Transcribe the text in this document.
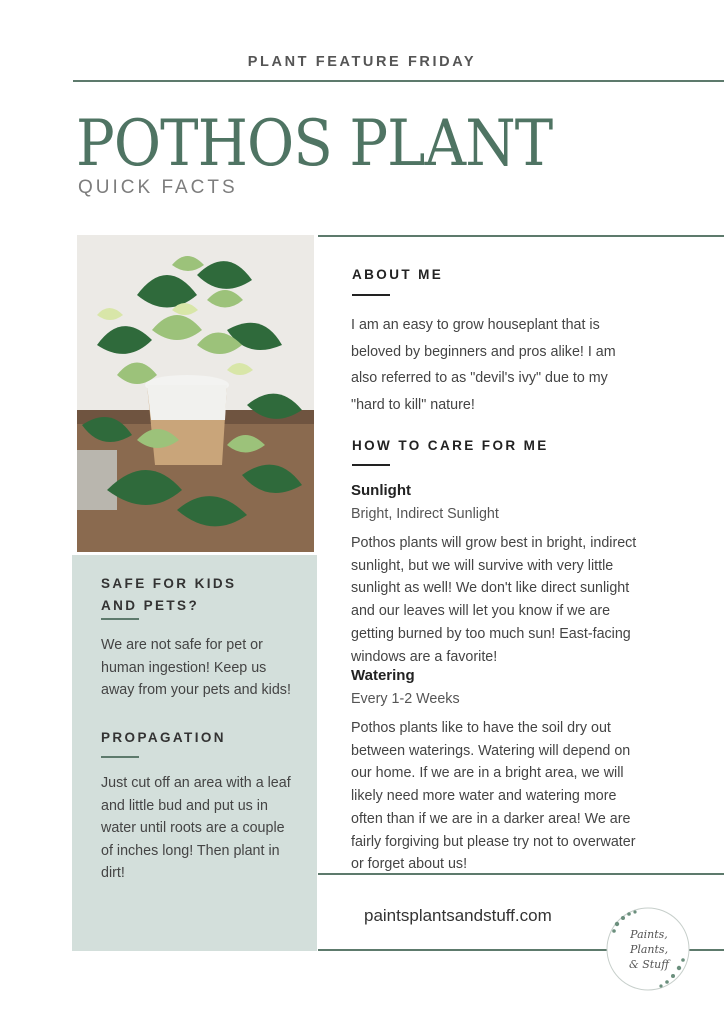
PLANT FEATURE FRIDAY
POTHOS PLANT
QUICK FACTS
SAFE FOR KIDS
AND PETS?
We are not safe for pet or human ingestion! Keep us away from your pets and kids!
PROPAGATION
Just cut off an area with a leaf and little bud and put us in water until roots are a couple of inches long! Then plant in dirt!
ABOUT ME
I am an easy to grow houseplant that is beloved by beginners and pros alike! I am also referred to as "devil's ivy" due to my "hard to kill" nature!
HOW TO CARE FOR ME
Sunlight
Bright, Indirect Sunlight
Pothos plants will grow best in bright, indirect sunlight, but we will survive with very little sunlight as well! We don't like direct sunlight and our leaves will let you know if we are getting burned by too much sun! East-facing windows are a favorite!
Watering
Every 1-2 Weeks
Pothos plants like to have the soil dry out between waterings. Watering will depend on our home. If we are in a bright area, we will likely need more water and watering more often than if we are in a darker area! We are fairly forgiving but please try not to overwater or forget about us!
paintsplantsandstuff.com
Paints,
Plants,
& Stuff
